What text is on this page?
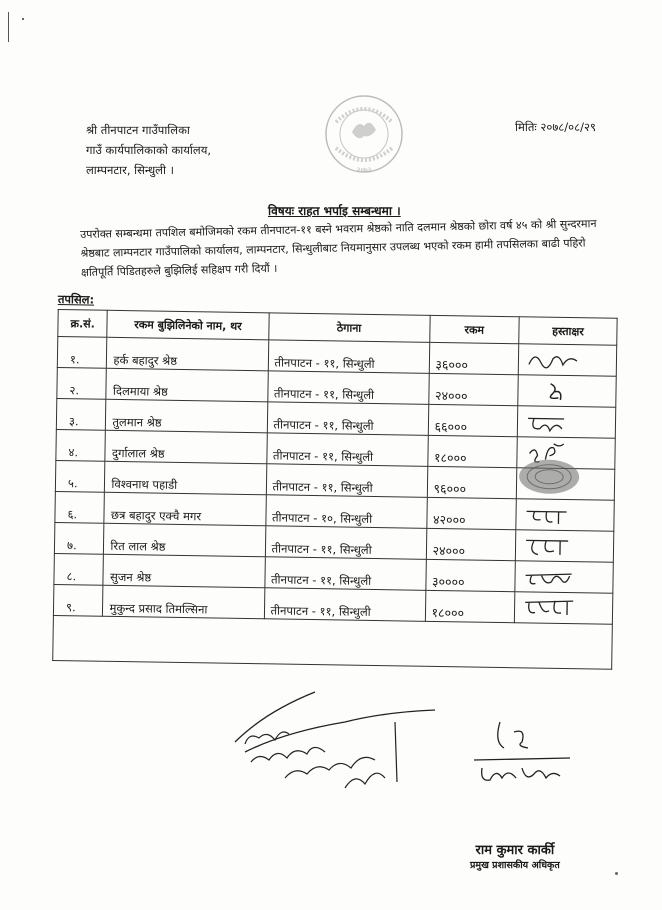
श्री तीनपाटन गाउँपालिका
गाउँ कार्यपालिकाको कार्यालय,
लाम्पनटार, सिन्धुली ।	२०७३
मितिः २०७८/०८/२९
विषयः राहत भर्पाइ सम्बन्धमा ।

उपरोक्त सम्बन्धमा तपशिल बमोजिमको रकम तीनपाटन-११ बस्ने भवराम श्रेष्ठको नाति दलमान श्रेष्ठको छोरा वर्ष ४५ को श्री सुन्दरमान श्रेष्ठबाट लाम्पनटार गाउँपालिको कार्यालय, लाम्पनटार, सिन्धुलीबाट नियमानुसार उपलब्ध भएको रकम हामी तपसिलका बाढी पहिरो क्षतिपूर्ति पिडितहरुले बुझिलिई सहिक्षप गरी दियौं ।

तपसिल:
क्र.सं.	रकम बुझिलिनेको नाम, थर	ठेगाना	रकम	हस्ताक्षर
१.	हर्क बहादुर श्रेष्ठ	तीनपाटन - ११, सिन्धुली	३६०००	

२.	दिलमाया श्रेष्ठ	तीनपाटन - ११, सिन्धुली	२४०००	

३.	तुलमान श्रेष्ठ	तीनपाटन - ११, सिन्धुली	६६०००	

४.	दुर्गालाल श्रेष्ठ	तीनपाटन - ११, सिन्धुली	१८०००	

५.	विश्वनाथ पहाडी	तीनपाटन - ११, सिन्धुली	९६०००	

६.	छत्र बहादुर एक्चै मगर	तीनपाटन - १०, सिन्धुली	४२०००	

७.	रित लाल श्रेष्ठ	तीनपाटन - ११, सिन्धुली	२४०००	

८.	सुजन श्रेष्ठ	तीनपाटन - ११, सिन्धुली	३००००	

९.	मुकुन्द प्रसाद तिमल्सिना	तीनपाटन - ११, सिन्धुली	१८०००	

राम कुमार कार्की
प्रमुख प्रशासकीय अधिकृत
